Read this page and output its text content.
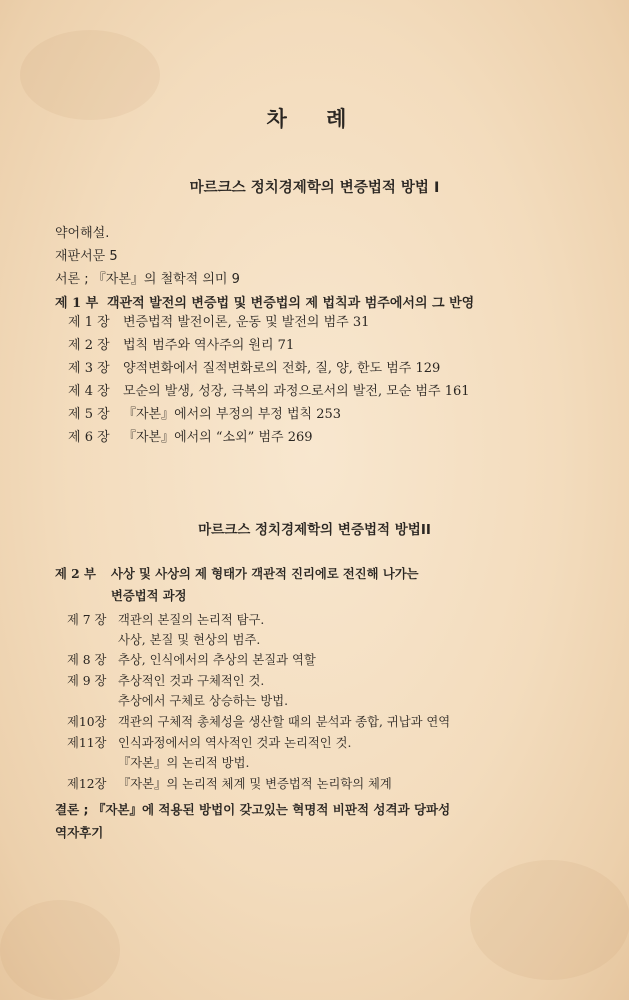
차 례
마르크스 정치경제학의 변증법적 방법 I
약어해설.
재판서문 5
서론 ; 『자본』의 철학적 의미 9
제 1 부 객관적 발전의 변증법 및 변증법의 제 법칙과 범주에서의 그 반영
제 1 장 변증법적 발전이론, 운동 및 발전의 범주 31
제 2 장 법칙 범주와 역사주의 원리 71
제 3 장 양적변화에서 질적변화로의 전화, 질, 양, 한도 범주 129
제 4 장 모순의 발생, 성장, 극복의 과정으로서의 발전, 모순 범주 161
제 5 장 『자본』에서의 부정의 부정 법칙 253
제 6 장 『자본』에서의 “소외” 범주 269
마르크스 정치경제학의 변증법적 방법II
제 2 부 사상 및 사상의 제 형태가 객관적 진리에로 전진해 나가는
변증법적 과정
제 7 장 객관의 본질의 논리적 탐구.
사상, 본질 및 현상의 범주.
제 8 장 추상, 인식에서의 추상의 본질과 역할
제 9 장 추상적인 것과 구체적인 것.
추상에서 구체로 상승하는 방법.
제10장 객관의 구체적 총체성을 생산할 때의 분석과 종합, 귀납과 연역
제11장 인식과정에서의 역사적인 것과 논리적인 것.
『자본』의 논리적 방법.
제12장 『자본』의 논리적 체계 및 변증법적 논리학의 체계
결론 ; 『자본』에 적용된 방법이 갖고있는 혁명적 비판적 성격과 당파성
역자후기
